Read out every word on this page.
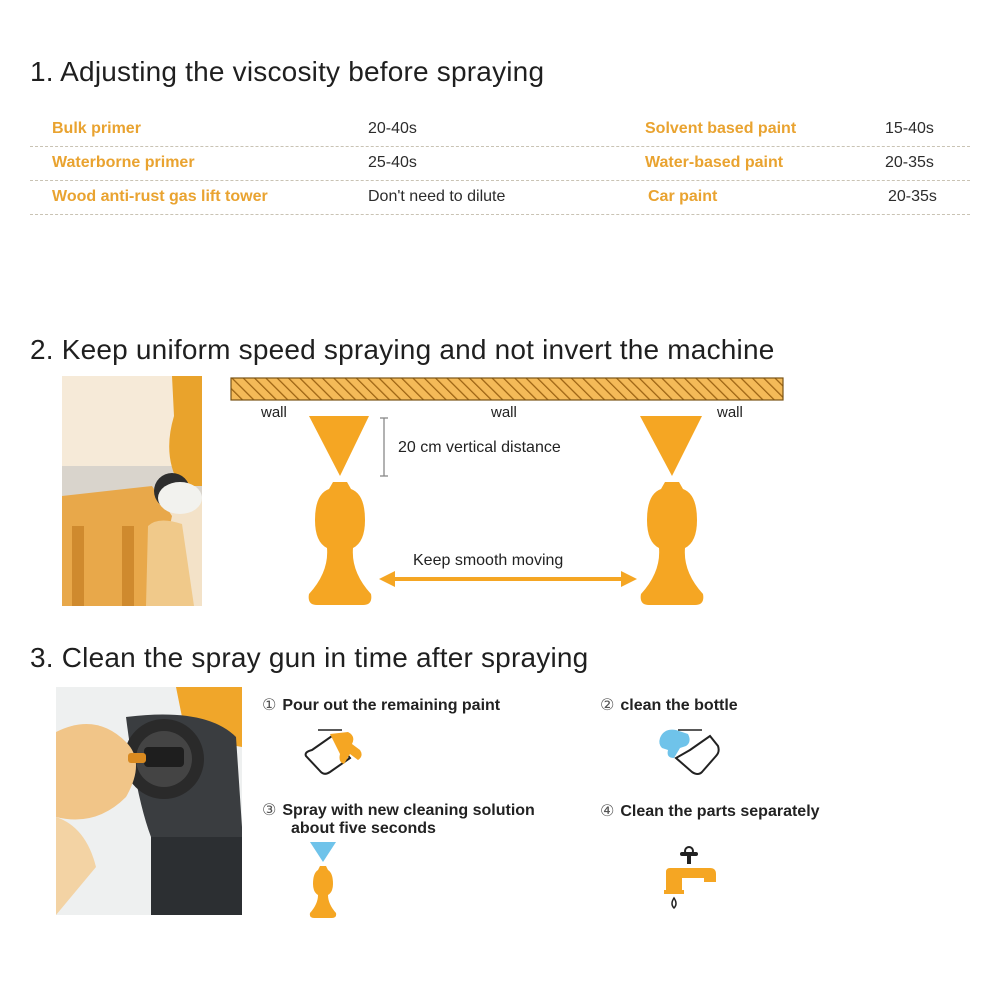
1. Adjusting the viscosity before spraying
Bulk primer	20-40s	Solvent based paint	15-40s
Waterborne primer	25-40s	Water-based paint	20-35s
Wood anti-rust gas lift tower	Don't need to dilute	Car paint	20-35s
2. Keep uniform speed spraying and not invert the machine
wall	wall	wall
20 cm vertical distance
Keep smooth moving
3. Clean the spray gun in time after spraying
① Pour out the remaining paint	② clean the bottle
③ Spray with new cleaning solution
about five seconds
④ Clean the parts separately
